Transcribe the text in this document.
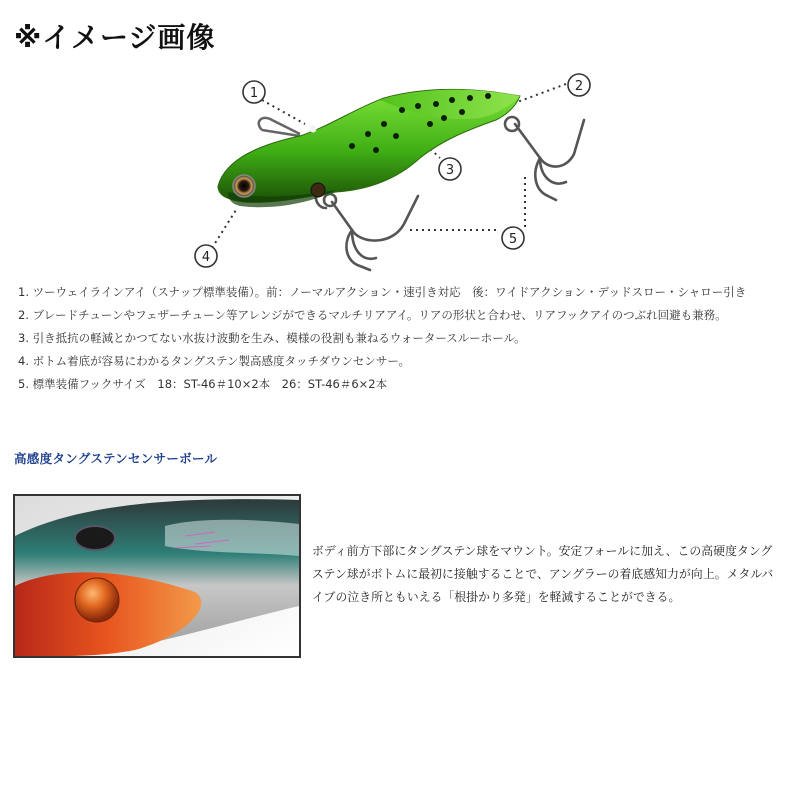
※イメージ画像
1	2
3
4
5
1. ツーウェイラインアイ（スナップ標準装備）。前：ノーマルアクション・速引き対応　後：ワイドアクション・デッドスロー・シャロー引き
2. ブレードチューンやフェザーチューン等アレンジができるマルチリアアイ。リアの形状と合わせ、リアフックアイのつぶれ回避も兼務。
3. 引き抵抗の軽減とかつてない水抜け波動を生み、模様の役割も兼ねるウォータースルーホール。
4. ボトム着底が容易にわかるタングステン製高感度タッチダウンセンサー。
5. 標準装備フックサイズ　18：ST-46＃10×2本　26：ST-46＃6×2本
高感度タングステンセンサーボール

ボディ前方下部にタングステン球をマウント。安定フォールに加え、この高硬度タングステン球がボトムに最初に接触することで、アングラーの着底感知力が向上。メタルバイブの泣き所ともいえる「根掛かり多発」を軽減することができる。
